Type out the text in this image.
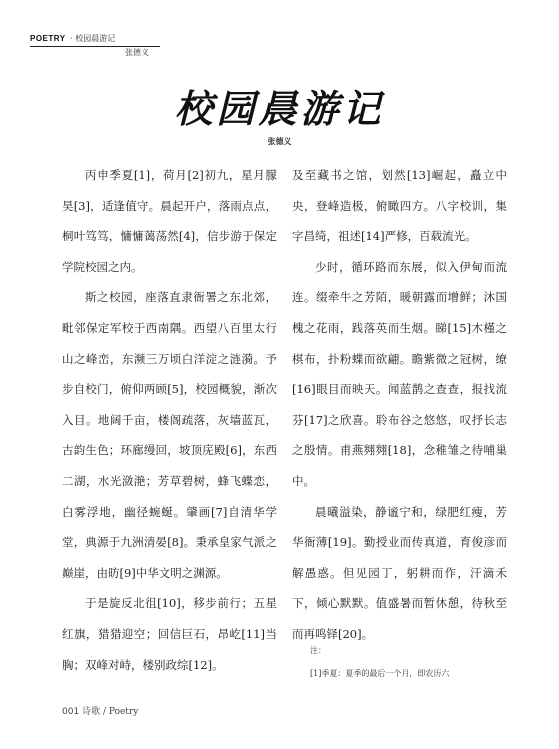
POETRY · 校园晨游记
张德义
校园晨游记
张德义

丙申季夏[1]，荷月[2]初九，星月朦昊[3]，适逢值守。晨起开户，落雨点点，桐叶笃笃，慵慵蔼荡然[4]，信步游于保定学院校园之内。

斯之校园，座落直隶衙署之东北郊，毗邻保定军校于西南隅。西望八百里太行山之峰峦，东濒三万顷白洋淀之涟漪。予步自校门，俯仰两顾[5]，校园概貌，渐次入目。地阔千亩，楼阁疏落，灰墙蓝瓦，古韵生色；环廊缦回，坡顶庑殿[6]，东西二湖，水光潋滟；芳草碧树，蜂飞蝶恋，白雾浮地，幽径蜿蜒。肇画[7]自清华学堂，典源于九洲清晏[8]。秉承皇家气派之巅崖，由昉[9]中华文明之渊源。

于是旋反北徂[10]，移步前行；五星红旗，猎猎迎空；回信巨石，昂屹[11]当胸；双峰对峙，楼别政综[12]。

及至藏书之馆，划然[13]崛起，矗立中央，登峰造极，俯瞰四方。八字校训，集字昌绮，祖述[14]严修，百载流光。

少时，循环路而东展，似入伊甸而流连。缀牵牛之芳陌，暖朝露而增鲜；沐国槐之花雨，践落英而生烟。睇[15]木槿之棋布，扑粉蝶而欲翩。瞻紫微之冠树，缭[16]眼目而映天。闻蓝鹊之查查，报找流芬[17]之欣喜。聆布谷之悠悠，叹抒长志之殷情。甫燕翙翙[18]，念稚雏之待哺巢中。

晨曦溢染，静谧宁和，绿肥红瘦，芳华衙薄[19]。勤授业而传真道，育俊彦而解愚惑。但见园丁，躬耕而作，汗滴禾下，倾心默默。值盛暑而暂休憩，待秋至而再鸣铎[20]。

注：
[1]季夏：夏季的最后一个月，即农历六
001 诗歌 / Poetry
